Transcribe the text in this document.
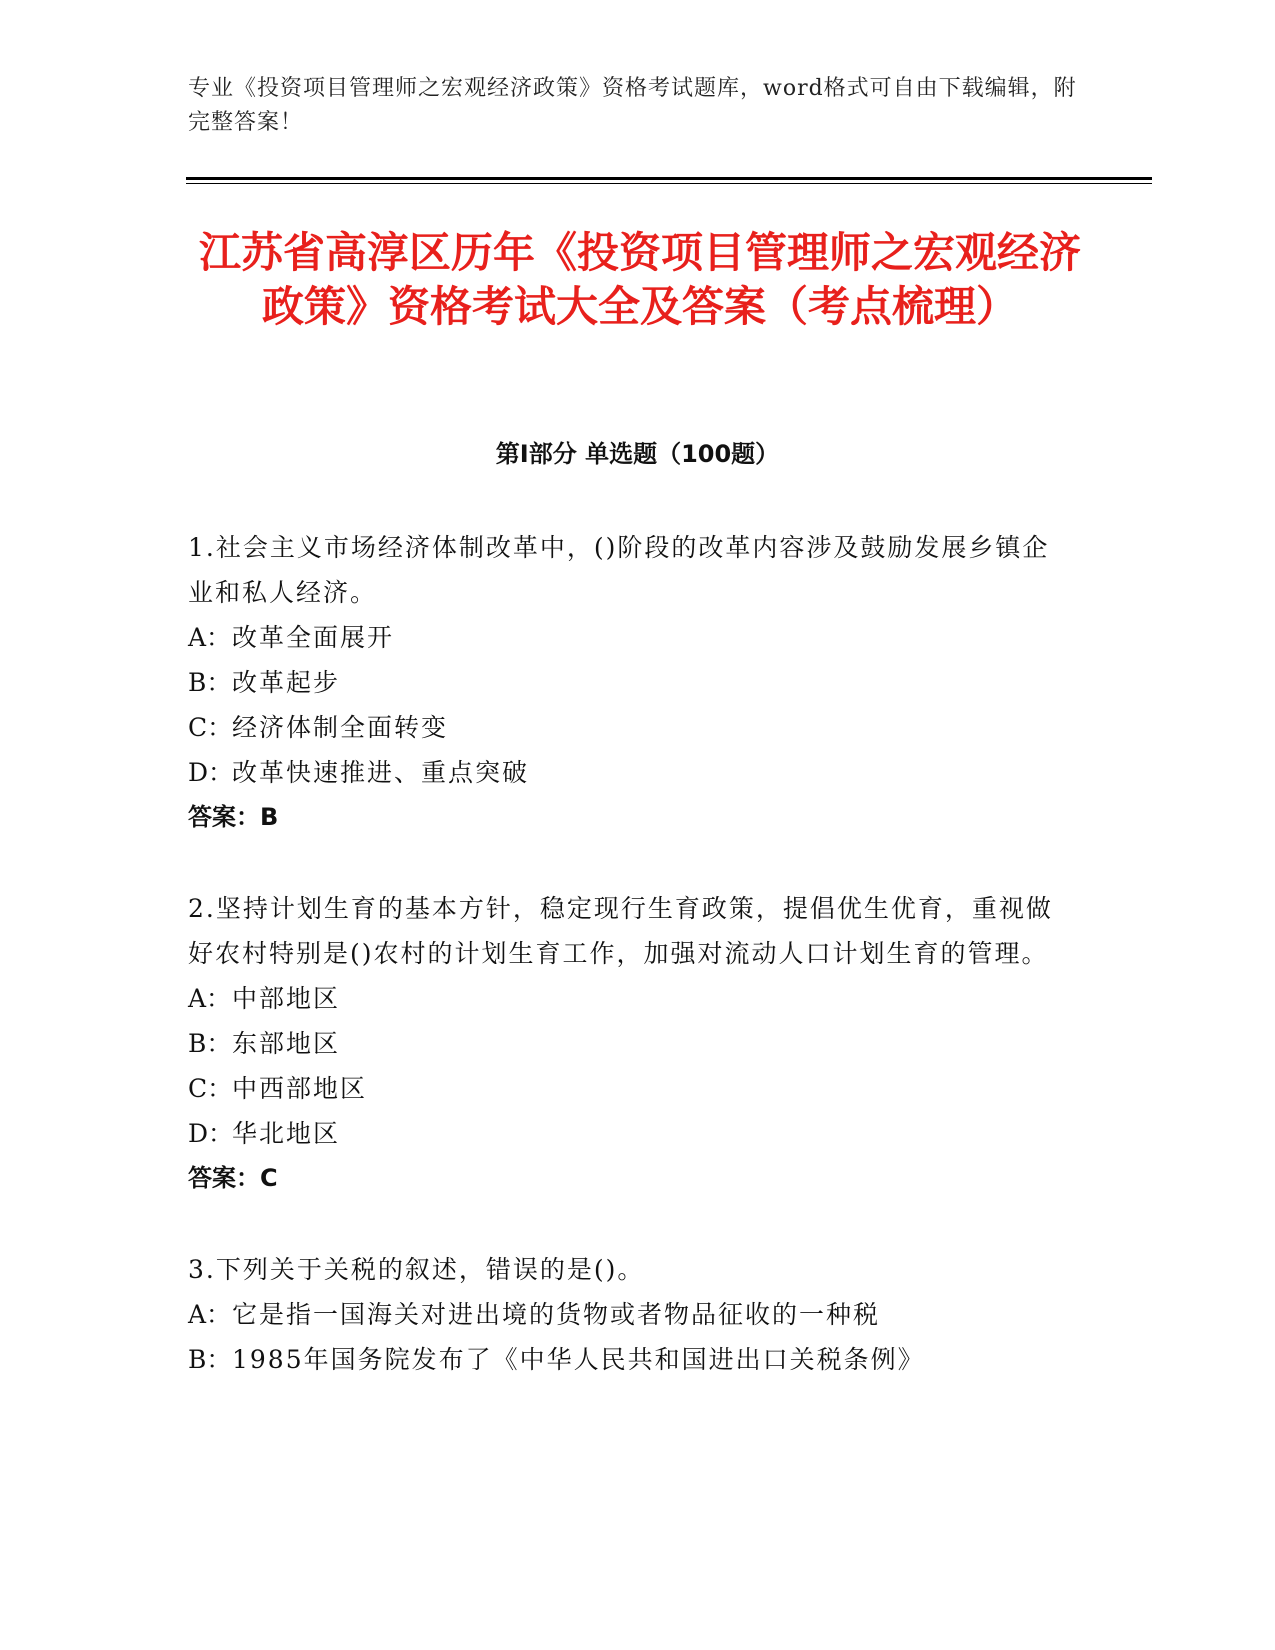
专业《投资项目管理师之宏观经济政策》资格考试题库，word格式可自由下载编辑，附完整答案！
江苏省高淳区历年《投资项目管理师之宏观经济政策》资格考试大全及答案（考点梳理）
第Ⅰ部分 单选题（100题）

1.社会主义市场经济体制改革中，()阶段的改革内容涉及鼓励发展乡镇企业和私人经济。

A：改革全面展开

B：改革起步

C：经济体制全面转变

D：改革快速推进、重点突破

答案：B

2.坚持计划生育的基本方针，稳定现行生育政策，提倡优生优育，重视做好农村特别是()农村的计划生育工作，加强对流动人口计划生育的管理。

A：中部地区

B：东部地区

C：中西部地区

D：华北地区

答案：C

3.下列关于关税的叙述，错误的是()。

A：它是指一国海关对进出境的货物或者物品征收的一种税

B：1985年国务院发布了《中华人民共和国进出口关税条例》
